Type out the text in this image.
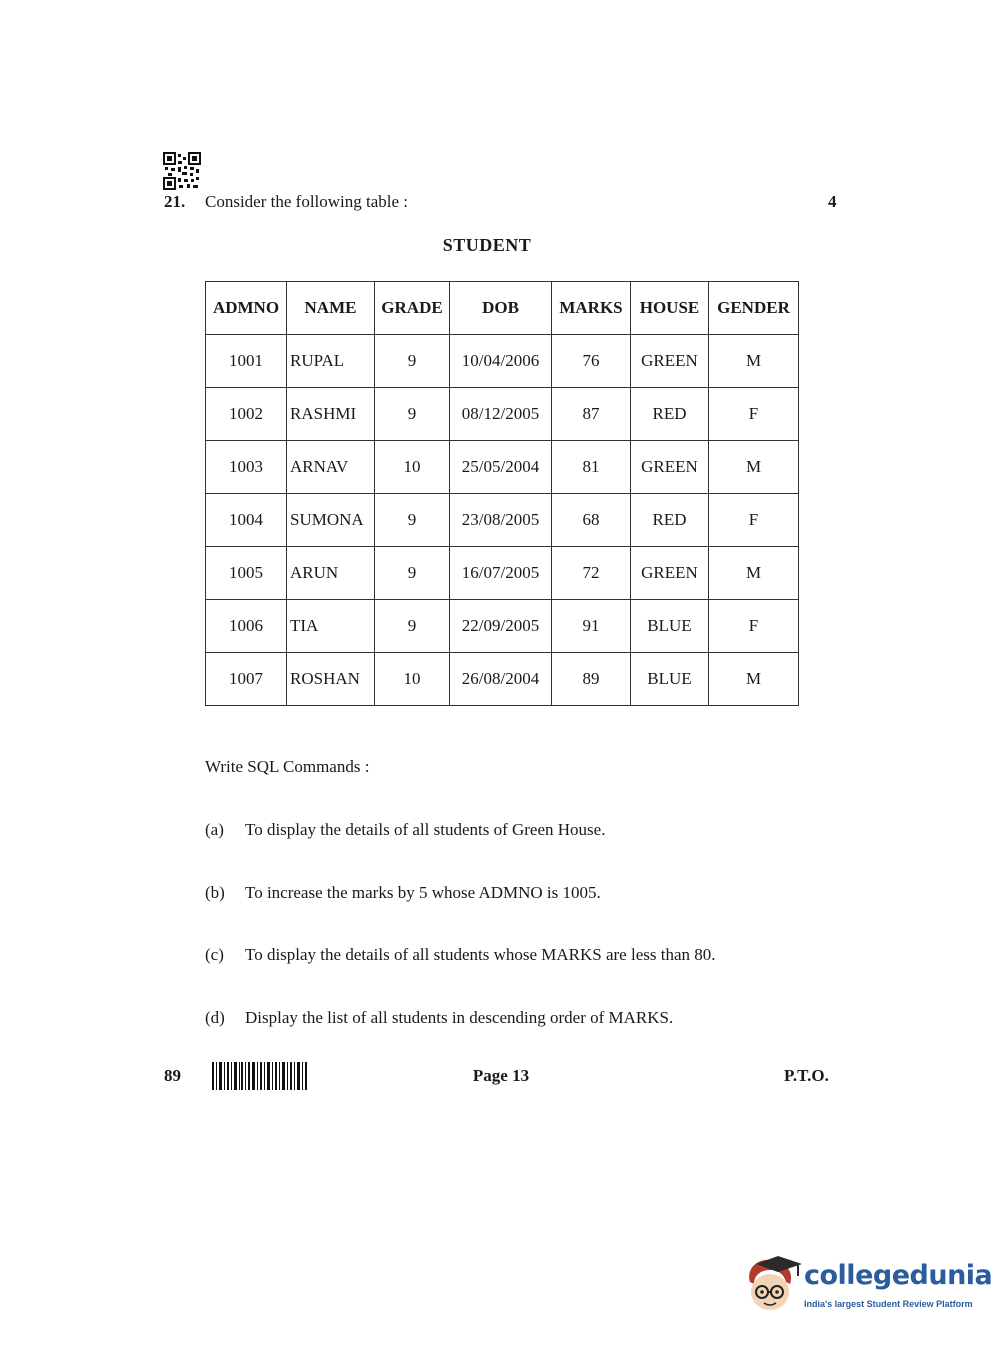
21. Consider the following table :	4
STUDENT
ADMNO	NAME	GRADE	DOB	MARKS	HOUSE	GENDER
1001	RUPAL	9	10/04/2006	76	GREEN	M
1002	RASHMI	9	08/12/2005	87	RED	F
1003	ARNAV	10	25/05/2004	81	GREEN	M
1004	SUMONA	9	23/08/2005	68	RED	F
1005	ARUN	9	16/07/2005	72	GREEN	M
1006	TIA	9	22/09/2005	91	BLUE	F
1007	ROSHAN	10	26/08/2004	89	BLUE	M
Write SQL Commands :
(a) To display the details of all students of Green House.
(b) To increase the marks by 5 whose ADMNO is 1005.
(c) To display the details of all students whose MARKS are less than 80.
(d) Display the list of all students in descending order of MARKS.
89	Page 13	P.T.O.
collegedunia
India's largest Student Review Platform
